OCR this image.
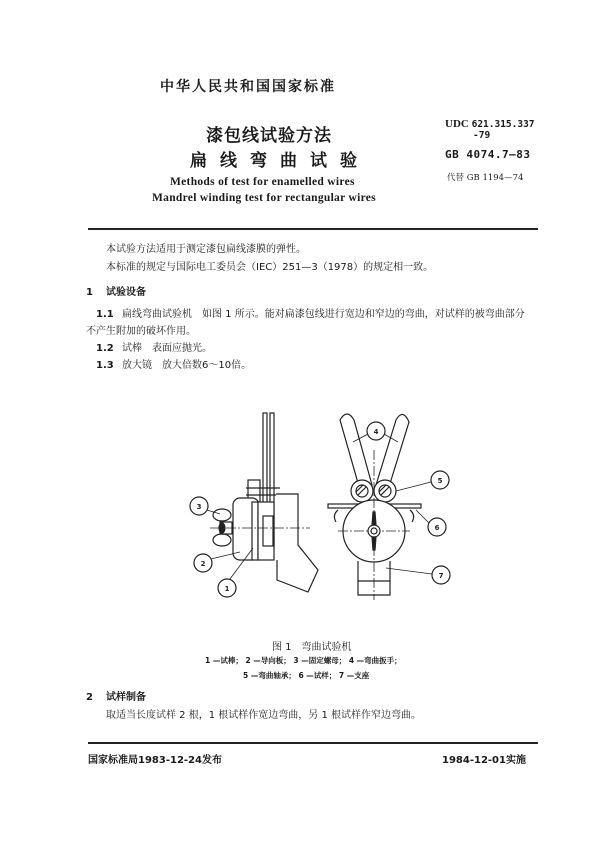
中华人民共和国国家标准
漆包线试验方法
扁线弯曲试验
Methods of test for enamelled wires
Mandrel winding test for rectangular wires
UDC 621.315.337
-79
GB 4074.7—83
代替 GB 1194—74
本试验方法适用于测定漆包扁线漆膜的弹性。
本标准的规定与国际电工委员会（IEC）251—3（1978）的规定相一致。
1 试验设备
1.1 扁线弯曲试验机　如图 1 所示。能对扁漆包线进行宽边和窄边的弯曲，对试样的被弯曲部分
不产生附加的破坏作用。
1.2 试棒　表面应抛光。
1.3 放大镜　放大倍数6～10倍。
3
2
1
4
5
6
7
图 1　弯曲试验机
1 —试棒； 2 —导向板； 3 —固定螺母； 4 —弯曲扳手；
5 —弯曲轴承； 6 —试样； 7 —支座
2 试样制备
取适当长度试样 2 根，1 根试样作宽边弯曲，另 1 根试样作窄边弯曲。
国家标准局1983-12-24发布	1984-12-01实施
